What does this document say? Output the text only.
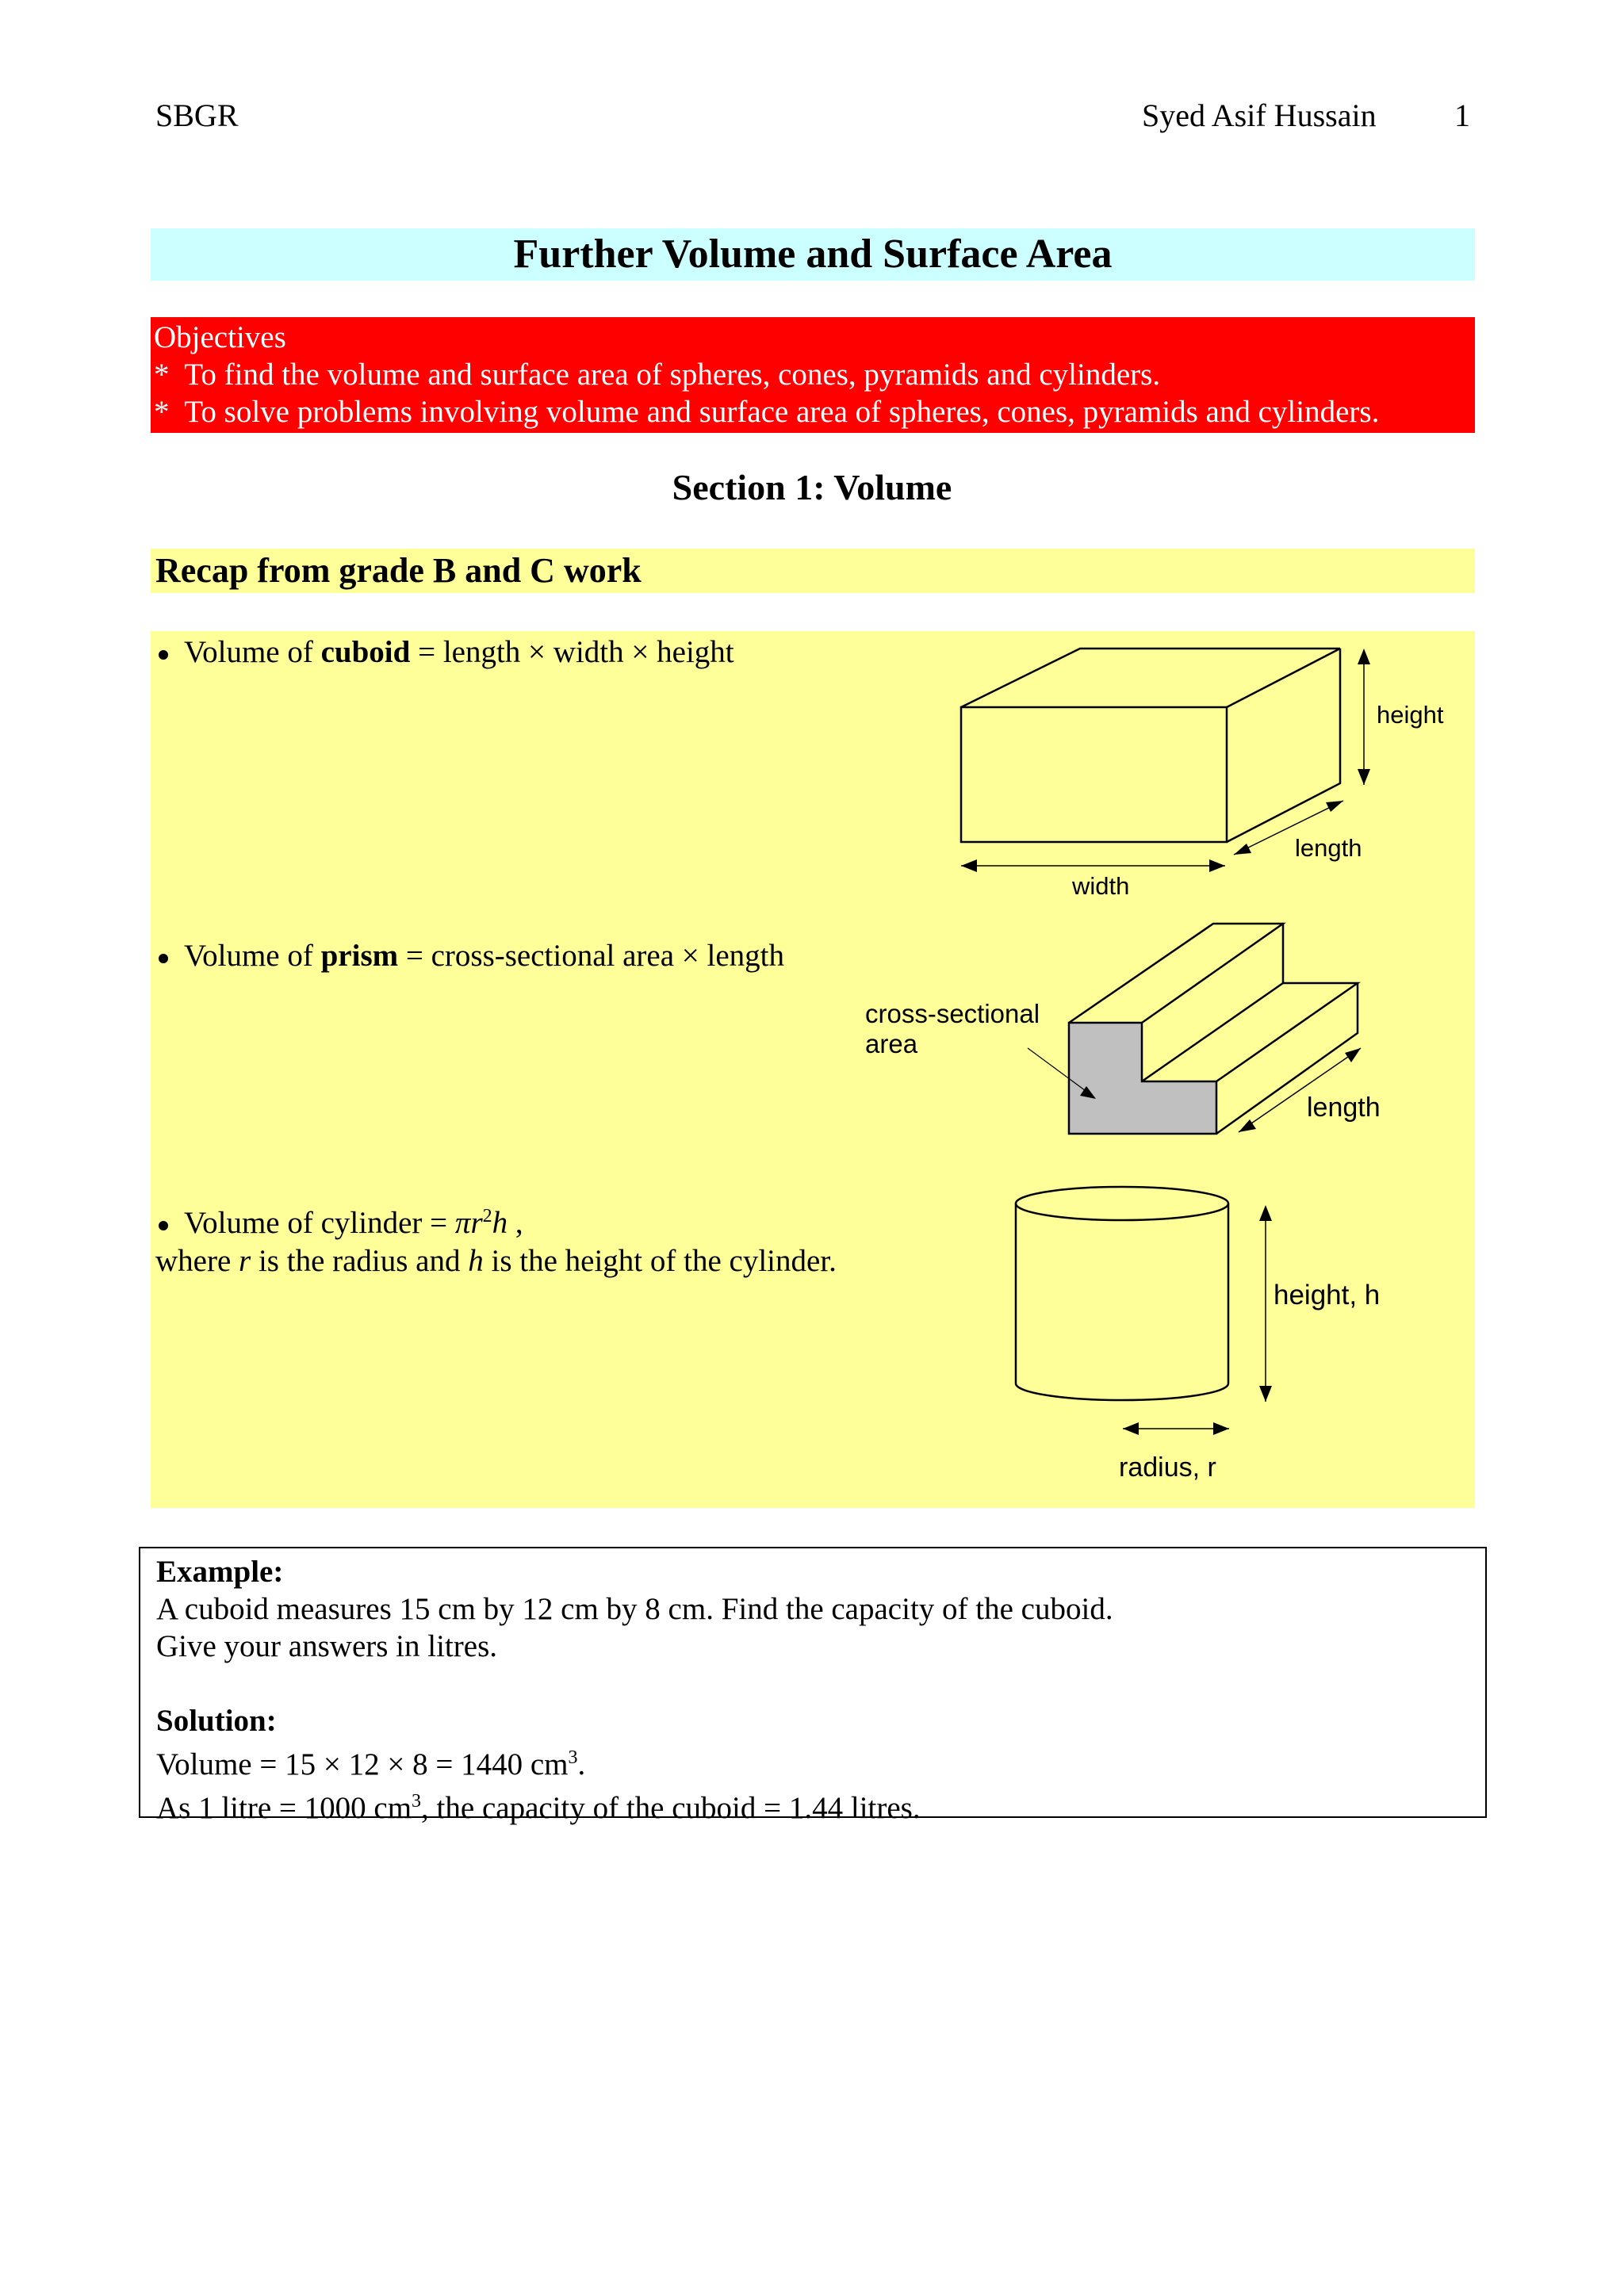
SBGR	Syed Asif Hussain 1
Further Volume and Surface Area
Objectives
*  To find the volume and surface area of spheres, cones, pyramids and cylinders.
*  To solve problems involving volume and surface area of spheres, cones, pyramids and cylinders.
Section 1: Volume
Recap from grade B and C work
Volume of cuboid = length × width × height
Volume of prism = cross-sectional area × length
Volume of cylinder = $\pi r^2h$ ,
where r is the radius and h is the height of the cylinder.
height
length
width
cross-sectional
area
length
height, h
radius, r
Example:
A cuboid measures 15 cm by 12 cm by 8 cm. Find the capacity of the cuboid.
Give your answers in litres.
Solution:
Volume = 15 × 12 × 8 = 1440 $cm^3$.
As 1 litre = 1000 $cm^3$, the capacity of the cuboid = 1.44 litres.
